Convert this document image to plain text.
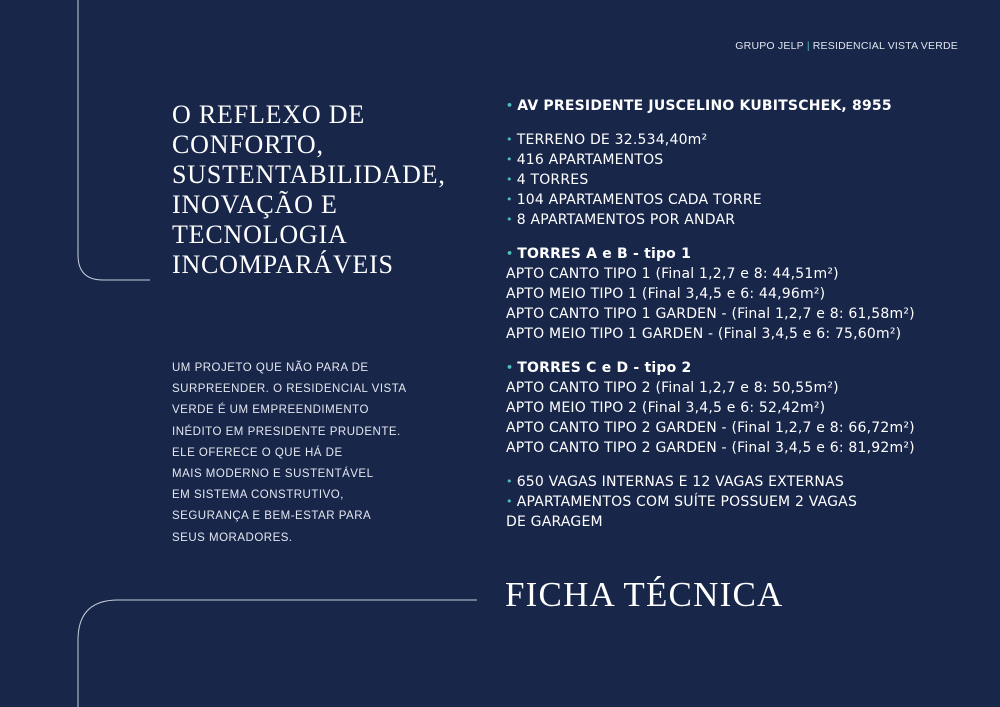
GRUPO JELP | RESIDENCIAL VISTA VERDE
O REFLEXO DE
CONFORTO,
SUSTENTABILIDADE,
INOVAÇÃO E
TECNOLOGIA
INCOMPARÁVEIS
UM PROJETO QUE NÃO PARA DE
SURPREENDER. O RESIDENCIAL VISTA
VERDE É UM EMPREENDIMENTO
INÉDITO EM PRESIDENTE PRUDENTE.
ELE OFERECE O QUE HÁ DE
MAIS MODERNO E SUSTENTÁVEL
EM SISTEMA CONSTRUTIVO,
SEGURANÇA E BEM-ESTAR PARA
SEUS MORADORES.
• AV PRESIDENTE JUSCELINO KUBITSCHEK, 8955
• TERRENO DE 32.534,40m²
• 416 APARTAMENTOS
• 4 TORRES
• 104 APARTAMENTOS CADA TORRE
• 8 APARTAMENTOS POR ANDAR
• TORRES A e B - tipo 1
APTO CANTO TIPO 1 (Final 1,2,7 e 8: 44,51m²)
APTO MEIO TIPO 1 (Final 3,4,5 e 6: 44,96m²)
APTO CANTO TIPO 1 GARDEN - (Final 1,2,7 e 8: 61,58m²)
APTO MEIO TIPO 1 GARDEN - (Final 3,4,5 e 6: 75,60m²)
• TORRES C e D - tipo 2
APTO CANTO TIPO 2 (Final 1,2,7 e 8: 50,55m²)
APTO MEIO TIPO 2 (Final 3,4,5 e 6: 52,42m²)
APTO CANTO TIPO 2 GARDEN - (Final 1,2,7 e 8: 66,72m²)
APTO CANTO TIPO 2 GARDEN - (Final 3,4,5 e 6: 81,92m²)
• 650 VAGAS INTERNAS E 12 VAGAS EXTERNAS
• APARTAMENTOS COM SUÍTE POSSUEM 2 VAGAS
DE GARAGEM
FICHA TÉCNICA
